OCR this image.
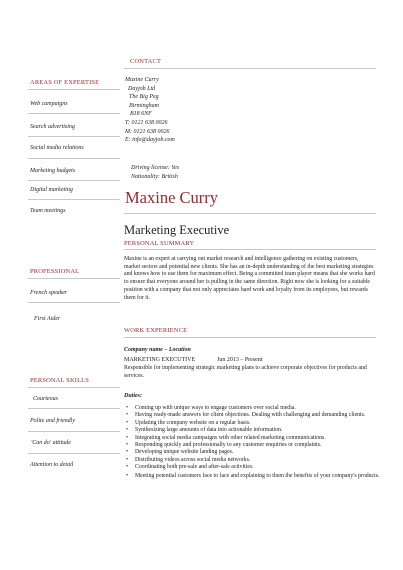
CONTACT
Maxine Curry
Dayjob Ltd
The Big Peg
Birmingham
B18 6NF
T: 0121 638 0026
M: 0121 638 0026
E: info@dayjob.com
Driving license: Yes
Nationality: British
AREAS OF EXPERTISE
Web campaigns
Search advertising
Social media relations
Marketing budgets
Digital marketing
Team meetings
Maxine Curry
Marketing Executive
PERSONAL SUMMARY
Maxine is an expert at carrying out market research and intelligence gathering on existing customers, market sectors and potential new clients. She has an in-depth understanding of the best marketing strategies and knows how to use them for maximum effect. Being a committed team player means that she works hard to ensure that everyone around her is pulling in the same direction. Right now she is looking for a suitable position with a company that not only appreciates hard work and loyalty from its employees, but rewards them for it.
PROFESSIONAL
French speaker
First Aider
WORK EXPERIENCE
Company name – Location
MARKETING EXECUTIVE	Jun 2013 – Present
Responsible for implementing strategic marketing plans to achieve corporate objectives for products and services.
Duties:
• Coming up with unique ways to engage customers over social media.
• Having ready-made answers for client objections. Dealing with challenging and demanding clients.
• Updating the company website on a regular basis.
• Synthesizing large amounts of data into actionable information.
• Integrating social media campaigns with other related marketing communications.
• Responding quickly and professionally to any customer enquiries or complaints.
• Developing unique website landing pages.
• Distributing videos across social media networks.
• Coordinating both pre-sale and after-sale activities.
• Meeting potential customers face to face and explaining to them the benefits of your company's products.
PERSONAL SKILLS
Courteous
Polite and friendly
'Can do' attitude
Attention to detail
